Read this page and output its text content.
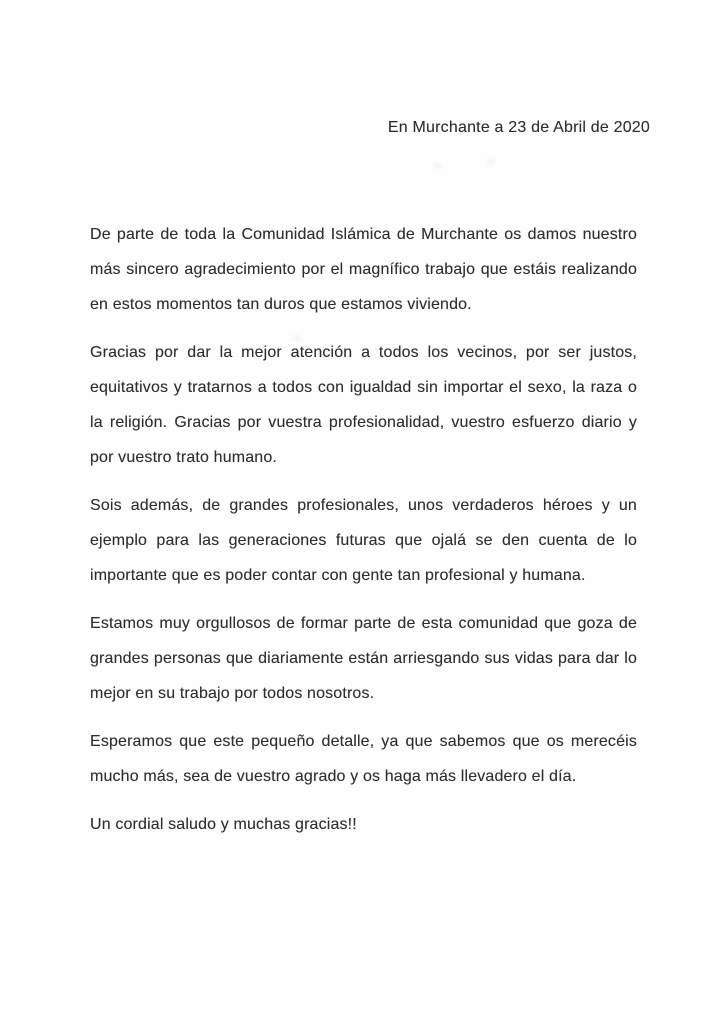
En Murchante a 23 de Abril de 2020

De parte de toda la Comunidad Islámica de Murchante os damos nuestro más sincero agradecimiento por el magnífico trabajo que estáis realizando en estos momentos tan duros que estamos viviendo.

Gracias por dar la mejor atención a todos los vecinos, por ser justos, equitativos y tratarnos a todos con igualdad sin importar el sexo, la raza o la religión. Gracias por vuestra profesionalidad, vuestro esfuerzo diario y por vuestro trato humano.

Sois además, de grandes profesionales, unos verdaderos héroes y un ejemplo para las generaciones futuras que ojalá se den cuenta de lo importante que es poder contar con gente tan profesional y humana.

Estamos muy orgullosos de formar parte de esta comunidad que goza de grandes personas que diariamente están arriesgando sus vidas para dar lo mejor en su trabajo por todos nosotros.

Esperamos que este pequeño detalle, ya que sabemos que os merecéis mucho más, sea de vuestro agrado y os haga más llevadero el día.

Un cordial saludo y muchas gracias!!
